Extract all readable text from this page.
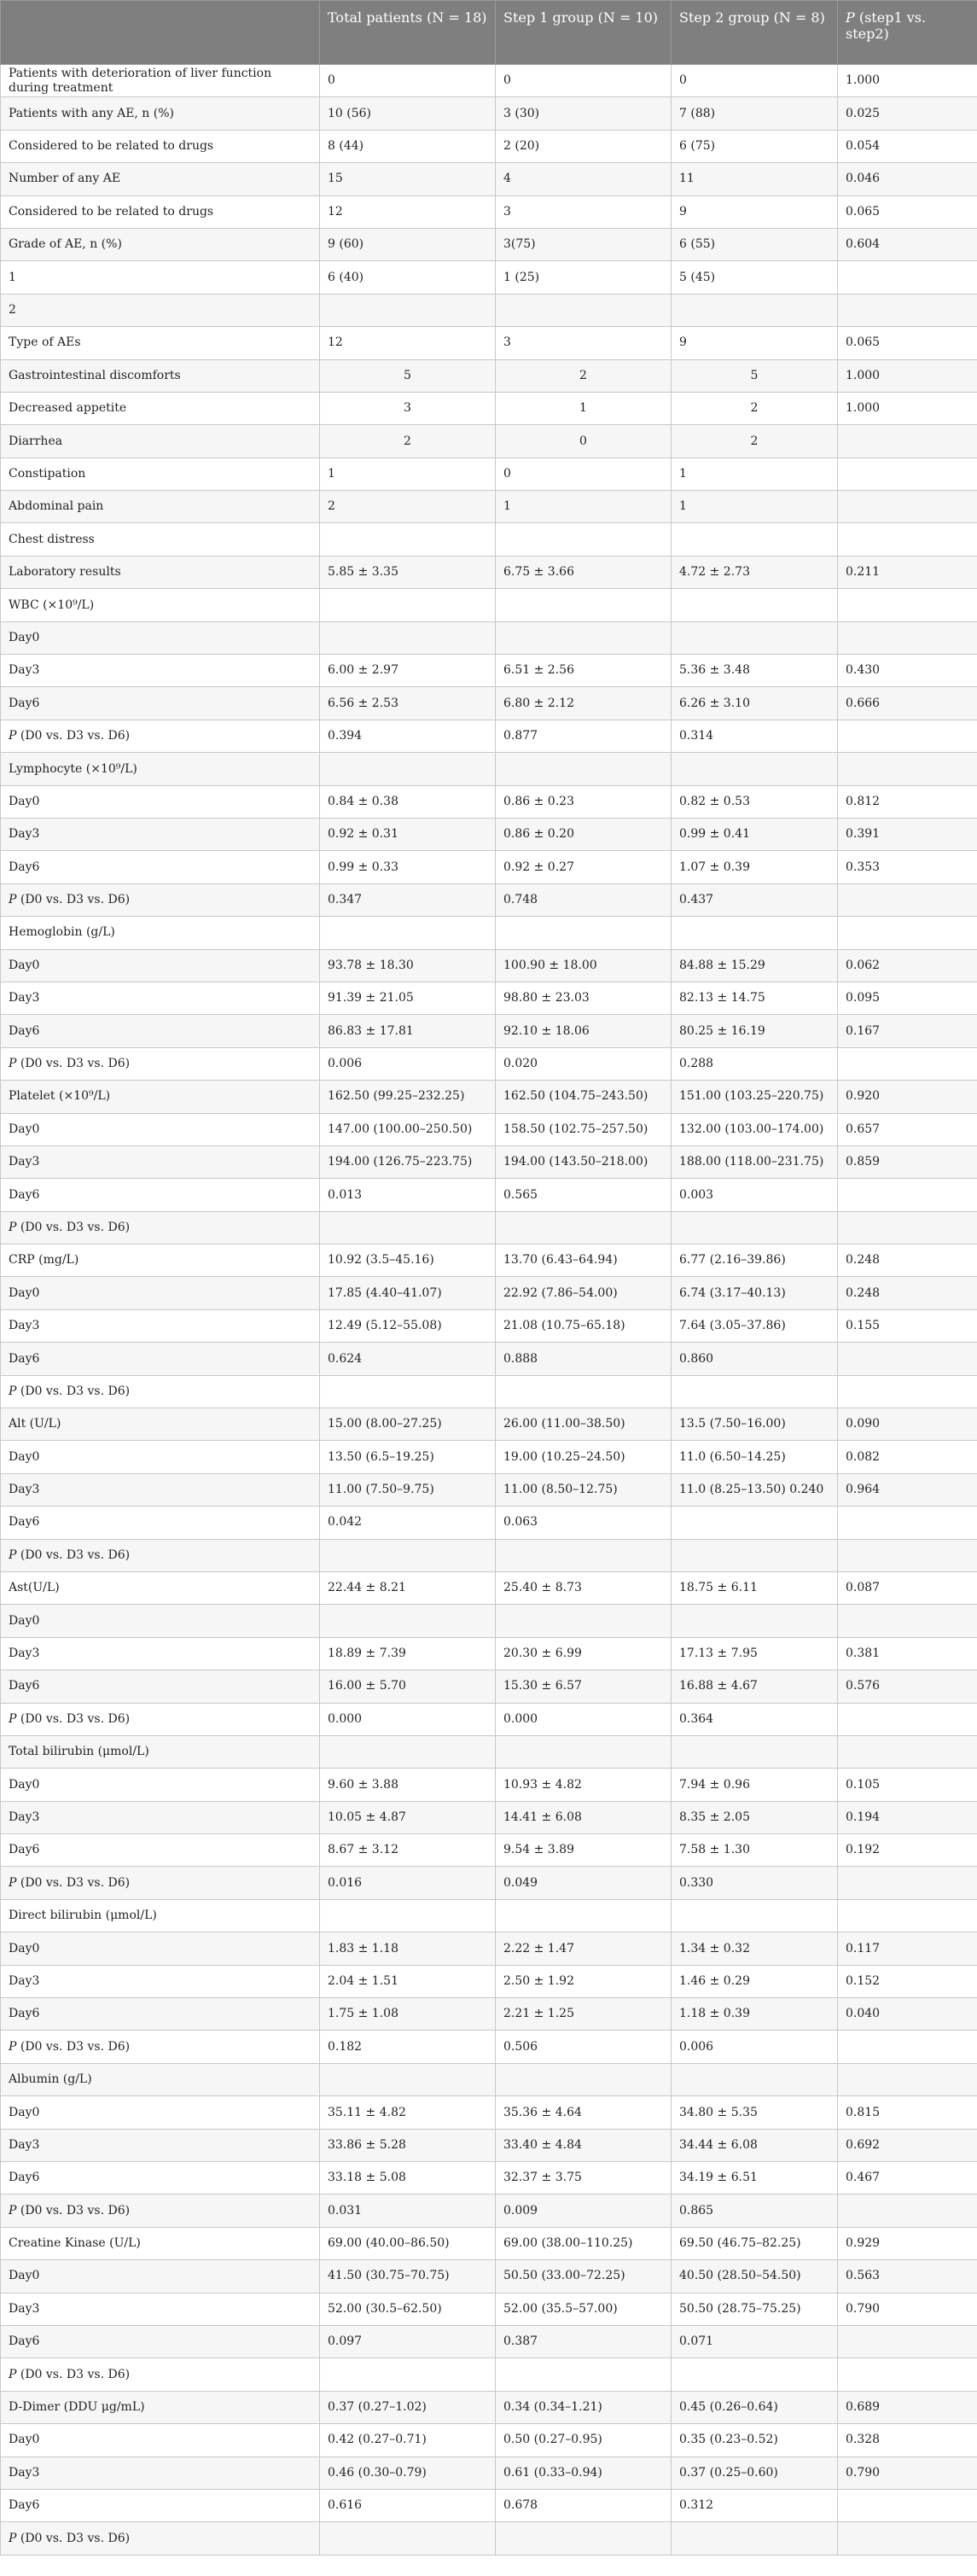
	Total patients (N = 18)	Step 1 group (N = 10)	Step 2 group (N = 8)	P (step1 vs. step2)
Patients with deterioration of liver function during treatment	0	0	0	1.000
Patients with any AE, n (%)	10 (56)	3 (30)	7 (88)	0.025
Considered to be related to drugs	8 (44)	2 (20)	6 (75)	0.054
Number of any AE	15	4	11	0.046
Considered to be related to drugs	12	3	9	0.065
Grade of AE, n (%)	9 (60)	3(75)	6 (55)	0.604
1	6 (40)	1 (25)	5 (45)	
2				
Type of AEs	12	3	9	0.065
Gastrointestinal discomforts	5	2	5	1.000
Decreased appetite	3	1	2	1.000
Diarrhea	2	0	2	
Constipation	1	0	1	
Abdominal pain	2	1	1	
Chest distress				
Laboratory results	5.85 ± 3.35	6.75 ± 3.66	4.72 ± 2.73	0.211
WBC (×10⁹/L)				
Day0				
Day3	6.00 ± 2.97	6.51 ± 2.56	5.36 ± 3.48	0.430
Day6	6.56 ± 2.53	6.80 ± 2.12	6.26 ± 3.10	0.666
P (D0 vs. D3 vs. D6)	0.394	0.877	0.314	
Lymphocyte (×10⁹/L)				
Day0	0.84 ± 0.38	0.86 ± 0.23	0.82 ± 0.53	0.812
Day3	0.92 ± 0.31	0.86 ± 0.20	0.99 ± 0.41	0.391
Day6	0.99 ± 0.33	0.92 ± 0.27	1.07 ± 0.39	0.353
P (D0 vs. D3 vs. D6)	0.347	0.748	0.437	
Hemoglobin (g/L)				
Day0	93.78 ± 18.30	100.90 ± 18.00	84.88 ± 15.29	0.062
Day3	91.39 ± 21.05	98.80 ± 23.03	82.13 ± 14.75	0.095
Day6	86.83 ± 17.81	92.10 ± 18.06	80.25 ± 16.19	0.167
P (D0 vs. D3 vs. D6)	0.006	0.020	0.288	
Platelet (×10⁹/L)	162.50 (99.25–232.25)	162.50 (104.75–243.50)	151.00 (103.25–220.75)	0.920
Day0	147.00 (100.00–250.50)	158.50 (102.75–257.50)	132.00 (103.00–174.00)	0.657
Day3	194.00 (126.75–223.75)	194.00 (143.50–218.00)	188.00 (118.00–231.75)	0.859
Day6	0.013	0.565	0.003	
P (D0 vs. D3 vs. D6)				
CRP (mg/L)	10.92 (3.5–45.16)	13.70 (6.43–64.94)	6.77 (2.16–39.86)	0.248
Day0	17.85 (4.40–41.07)	22.92 (7.86–54.00)	6.74 (3.17–40.13)	0.248
Day3	12.49 (5.12–55.08)	21.08 (10.75–65.18)	7.64 (3.05–37.86)	0.155
Day6	0.624	0.888	0.860	
P (D0 vs. D3 vs. D6)				
Alt (U/L)	15.00 (8.00–27.25)	26.00 (11.00–38.50)	13.5 (7.50–16.00)	0.090
Day0	13.50 (6.5–19.25)	19.00 (10.25–24.50)	11.0 (6.50–14.25)	0.082
Day3	11.00 (7.50–9.75)	11.00 (8.50–12.75)	11.0 (8.25–13.50) 0.240	0.964
Day6	0.042	0.063		
P (D0 vs. D3 vs. D6)				
Ast(U/L)	22.44 ± 8.21	25.40 ± 8.73	18.75 ± 6.11	0.087
Day0				
Day3	18.89 ± 7.39	20.30 ± 6.99	17.13 ± 7.95	0.381
Day6	16.00 ± 5.70	15.30 ± 6.57	16.88 ± 4.67	0.576
P (D0 vs. D3 vs. D6)	0.000	0.000	0.364	
Total bilirubin (μmol/L)				
Day0	9.60 ± 3.88	10.93 ± 4.82	7.94 ± 0.96	0.105
Day3	10.05 ± 4.87	14.41 ± 6.08	8.35 ± 2.05	0.194
Day6	8.67 ± 3.12	9.54 ± 3.89	7.58 ± 1.30	0.192
P (D0 vs. D3 vs. D6)	0.016	0.049	0.330	
Direct bilirubin (μmol/L)				
Day0	1.83 ± 1.18	2.22 ± 1.47	1.34 ± 0.32	0.117
Day3	2.04 ± 1.51	2.50 ± 1.92	1.46 ± 0.29	0.152
Day6	1.75 ± 1.08	2.21 ± 1.25	1.18 ± 0.39	0.040
P (D0 vs. D3 vs. D6)	0.182	0.506	0.006	
Albumin (g/L)				
Day0	35.11 ± 4.82	35.36 ± 4.64	34.80 ± 5.35	0.815
Day3	33.86 ± 5.28	33.40 ± 4.84	34.44 ± 6.08	0.692
Day6	33.18 ± 5.08	32.37 ± 3.75	34.19 ± 6.51	0.467
P (D0 vs. D3 vs. D6)	0.031	0.009	0.865	
Creatine Kinase (U/L)	69.00 (40.00–86.50)	69.00 (38.00–110.25)	69.50 (46.75–82.25)	0.929
Day0	41.50 (30.75–70.75)	50.50 (33.00–72.25)	40.50 (28.50–54.50)	0.563
Day3	52.00 (30.5–62.50)	52.00 (35.5–57.00)	50.50 (28.75–75.25)	0.790
Day6	0.097	0.387	0.071	
P (D0 vs. D3 vs. D6)				
D-Dimer (DDU μg/mL)	0.37 (0.27–1.02)	0.34 (0.34–1.21)	0.45 (0.26–0.64)	0.689
Day0	0.42 (0.27–0.71)	0.50 (0.27–0.95)	0.35 (0.23–0.52)	0.328
Day3	0.46 (0.30–0.79)	0.61 (0.33–0.94)	0.37 (0.25–0.60)	0.790
Day6	0.616	0.678	0.312	
P (D0 vs. D3 vs. D6)				
